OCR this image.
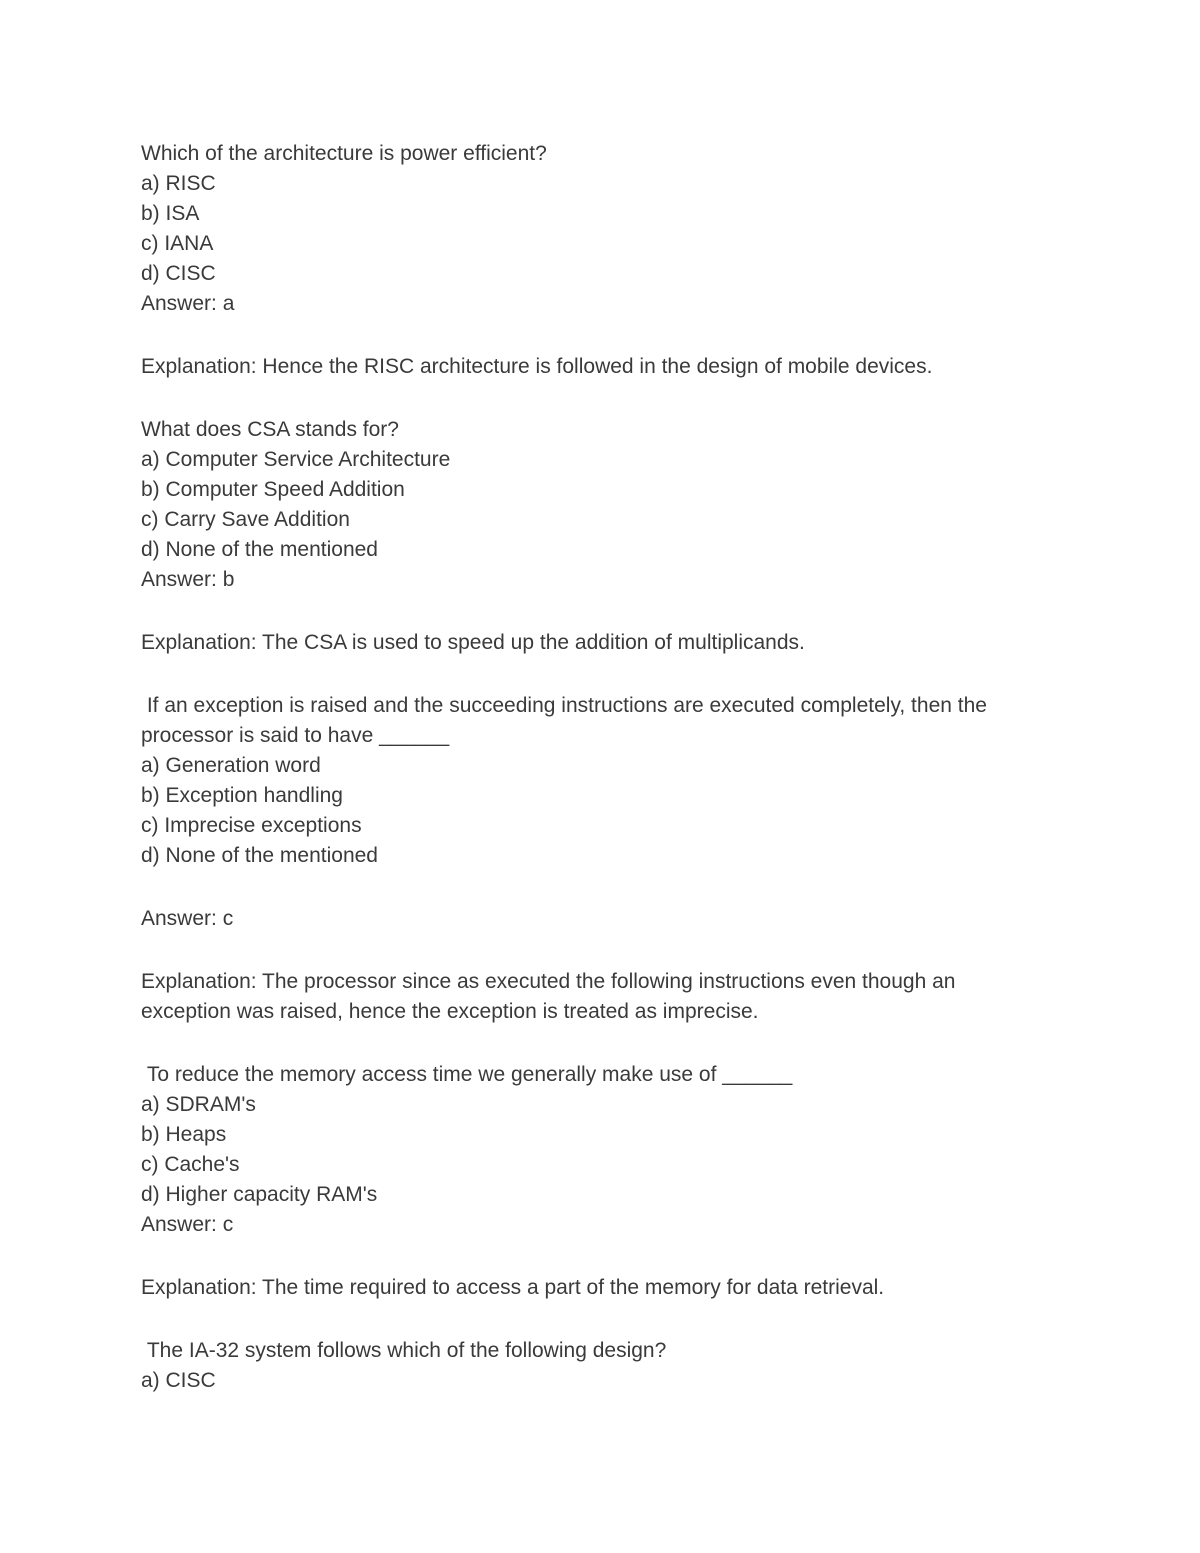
Which of the architecture is power efficient?
a) RISC
b) ISA
c) IANA
d) CISC
Answer: a
Explanation: Hence the RISC architecture is followed in the design of mobile devices.
What does CSA stands for?
a) Computer Service Architecture
b) Computer Speed Addition
c) Carry Save Addition
d) None of the mentioned
Answer: b
Explanation: The CSA is used to speed up the addition of multiplicands.
If an exception is raised and the succeeding instructions are executed completely, then the
processor is said to have ______
a) Generation word
b) Exception handling
c) Imprecise exceptions
d) None of the mentioned
Answer: c
Explanation: The processor since as executed the following instructions even though an
exception was raised, hence the exception is treated as imprecise.
To reduce the memory access time we generally make use of ______
a) SDRAM's
b) Heaps
c) Cache's
d) Higher capacity RAM's
Answer: c
Explanation: The time required to access a part of the memory for data retrieval.
The IA-32 system follows which of the following design?
a) CISC
